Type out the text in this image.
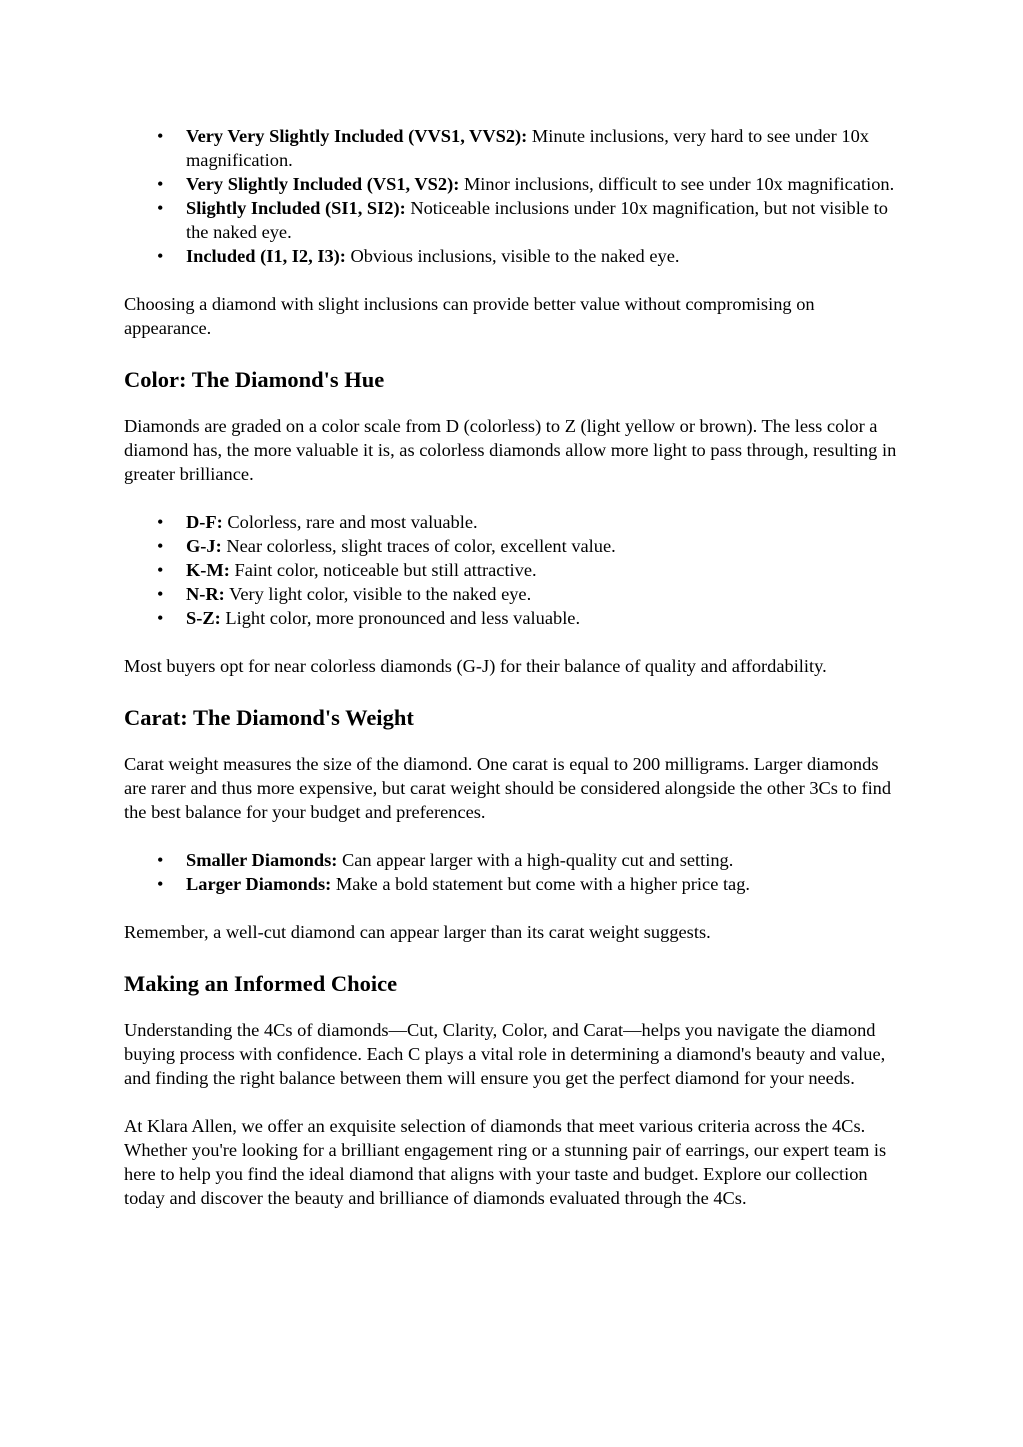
• Very Very Slightly Included (VVS1, VVS2): Minute inclusions, very hard to see under 10x magnification.
• Very Slightly Included (VS1, VS2): Minor inclusions, difficult to see under 10x magnification.
• Slightly Included (SI1, SI2): Noticeable inclusions under 10x magnification, but not visible to the naked eye.
• Included (I1, I2, I3): Obvious inclusions, visible to the naked eye.

Choosing a diamond with slight inclusions can provide better value without compromising on appearance.

Color: The Diamond's Hue

Diamonds are graded on a color scale from D (colorless) to Z (light yellow or brown). The less color a diamond has, the more valuable it is, as colorless diamonds allow more light to pass through, resulting in greater brilliance.

• D-F: Colorless, rare and most valuable.
• G-J: Near colorless, slight traces of color, excellent value.
• K-M: Faint color, noticeable but still attractive.
• N-R: Very light color, visible to the naked eye.
• S-Z: Light color, more pronounced and less valuable.

Most buyers opt for near colorless diamonds (G-J) for their balance of quality and affordability.

Carat: The Diamond's Weight

Carat weight measures the size of the diamond. One carat is equal to 200 milligrams. Larger diamonds are rarer and thus more expensive, but carat weight should be considered alongside the other 3Cs to find the best balance for your budget and preferences.

• Smaller Diamonds: Can appear larger with a high-quality cut and setting.
• Larger Diamonds: Make a bold statement but come with a higher price tag.

Remember, a well-cut diamond can appear larger than its carat weight suggests.

Making an Informed Choice

Understanding the 4Cs of diamonds—Cut, Clarity, Color, and Carat—helps you navigate the diamond buying process with confidence. Each C plays a vital role in determining a diamond's beauty and value, and finding the right balance between them will ensure you get the perfect diamond for your needs.

At Klara Allen, we offer an exquisite selection of diamonds that meet various criteria across the 4Cs. Whether you're looking for a brilliant engagement ring or a stunning pair of earrings, our expert team is here to help you find the ideal diamond that aligns with your taste and budget. Explore our collection today and discover the beauty and brilliance of diamonds evaluated through the 4Cs.
